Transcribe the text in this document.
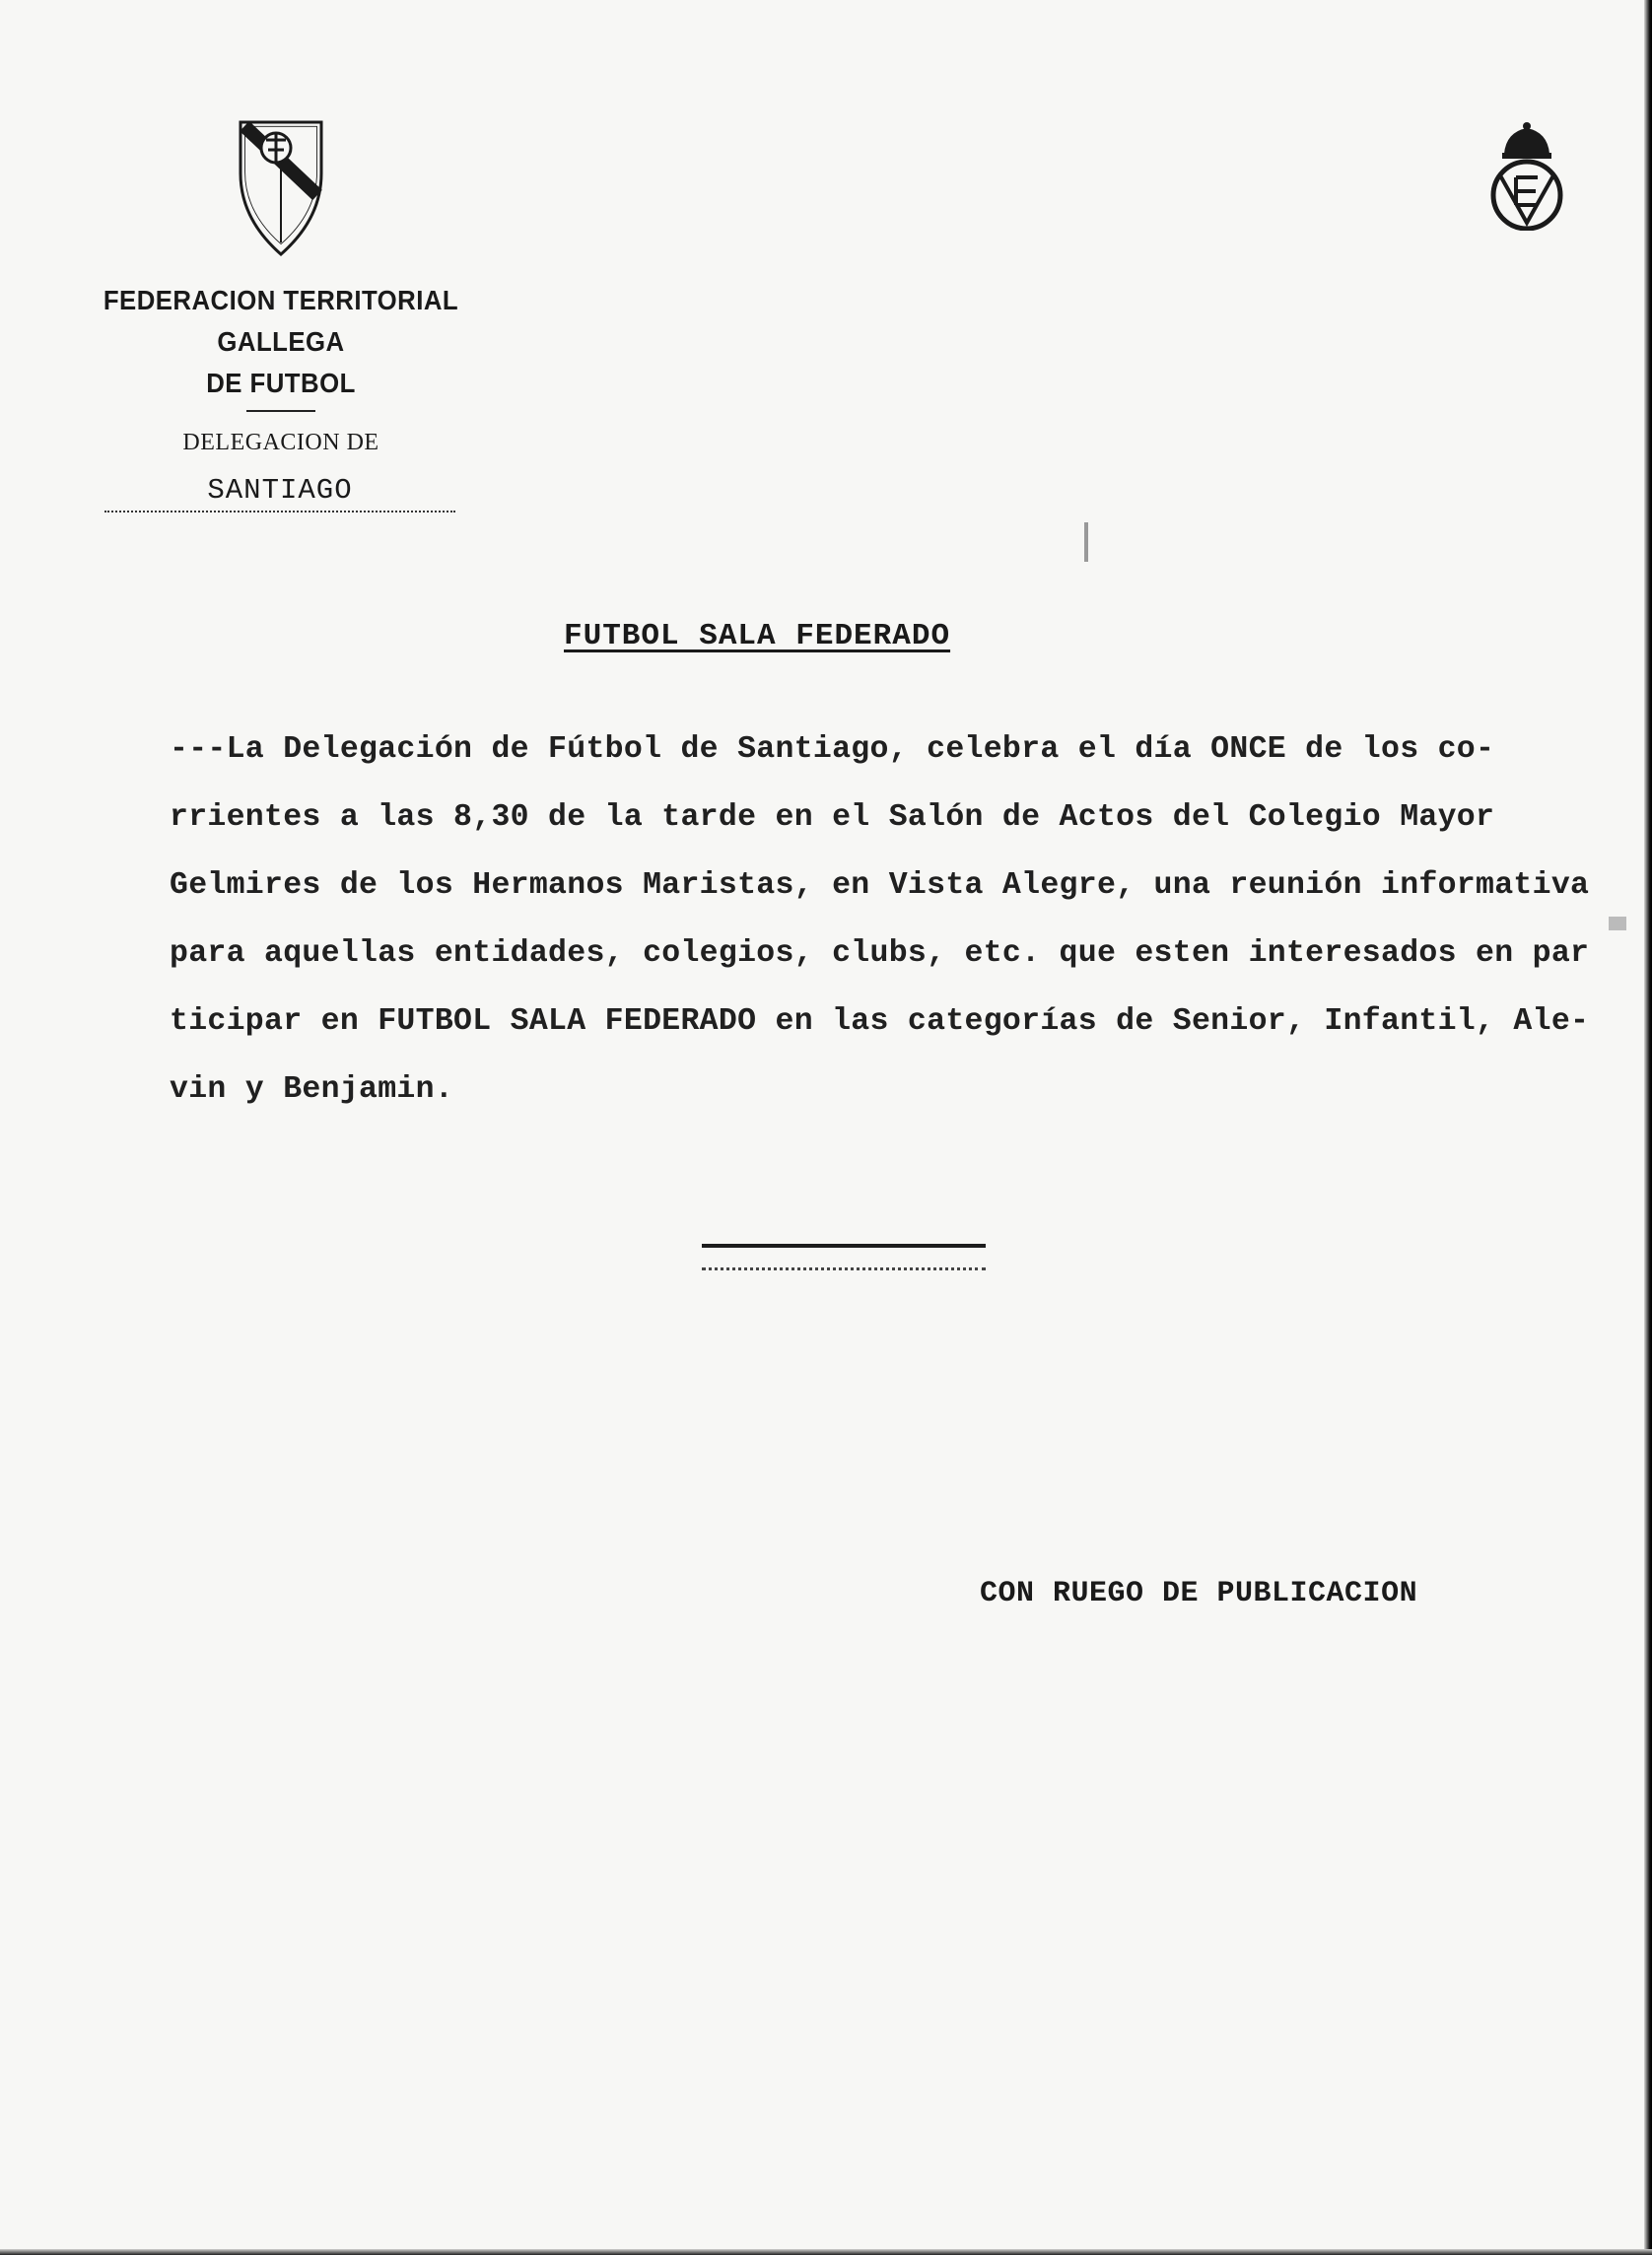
FEDERACION TERRITORIAL GALLEGA
DE FUTBOL
DELEGACION DE
SANTIAGO
FUTBOL SALA FEDERADO
---La Delegación de Fútbol de Santiago, celebra el día ONCE de los co-
rrientes a las 8,30 de la tarde en el Salón de Actos del Colegio Mayor
Gelmires de los Hermanos Maristas, en Vista Alegre, una reunión informativa
para aquellas entidades, colegios, clubs, etc. que esten interesados en par
ticipar en FUTBOL SALA FEDERADO en las categorías de Senior, Infantil, Ale-
vin y Benjamin.
CON RUEGO DE PUBLICACION
